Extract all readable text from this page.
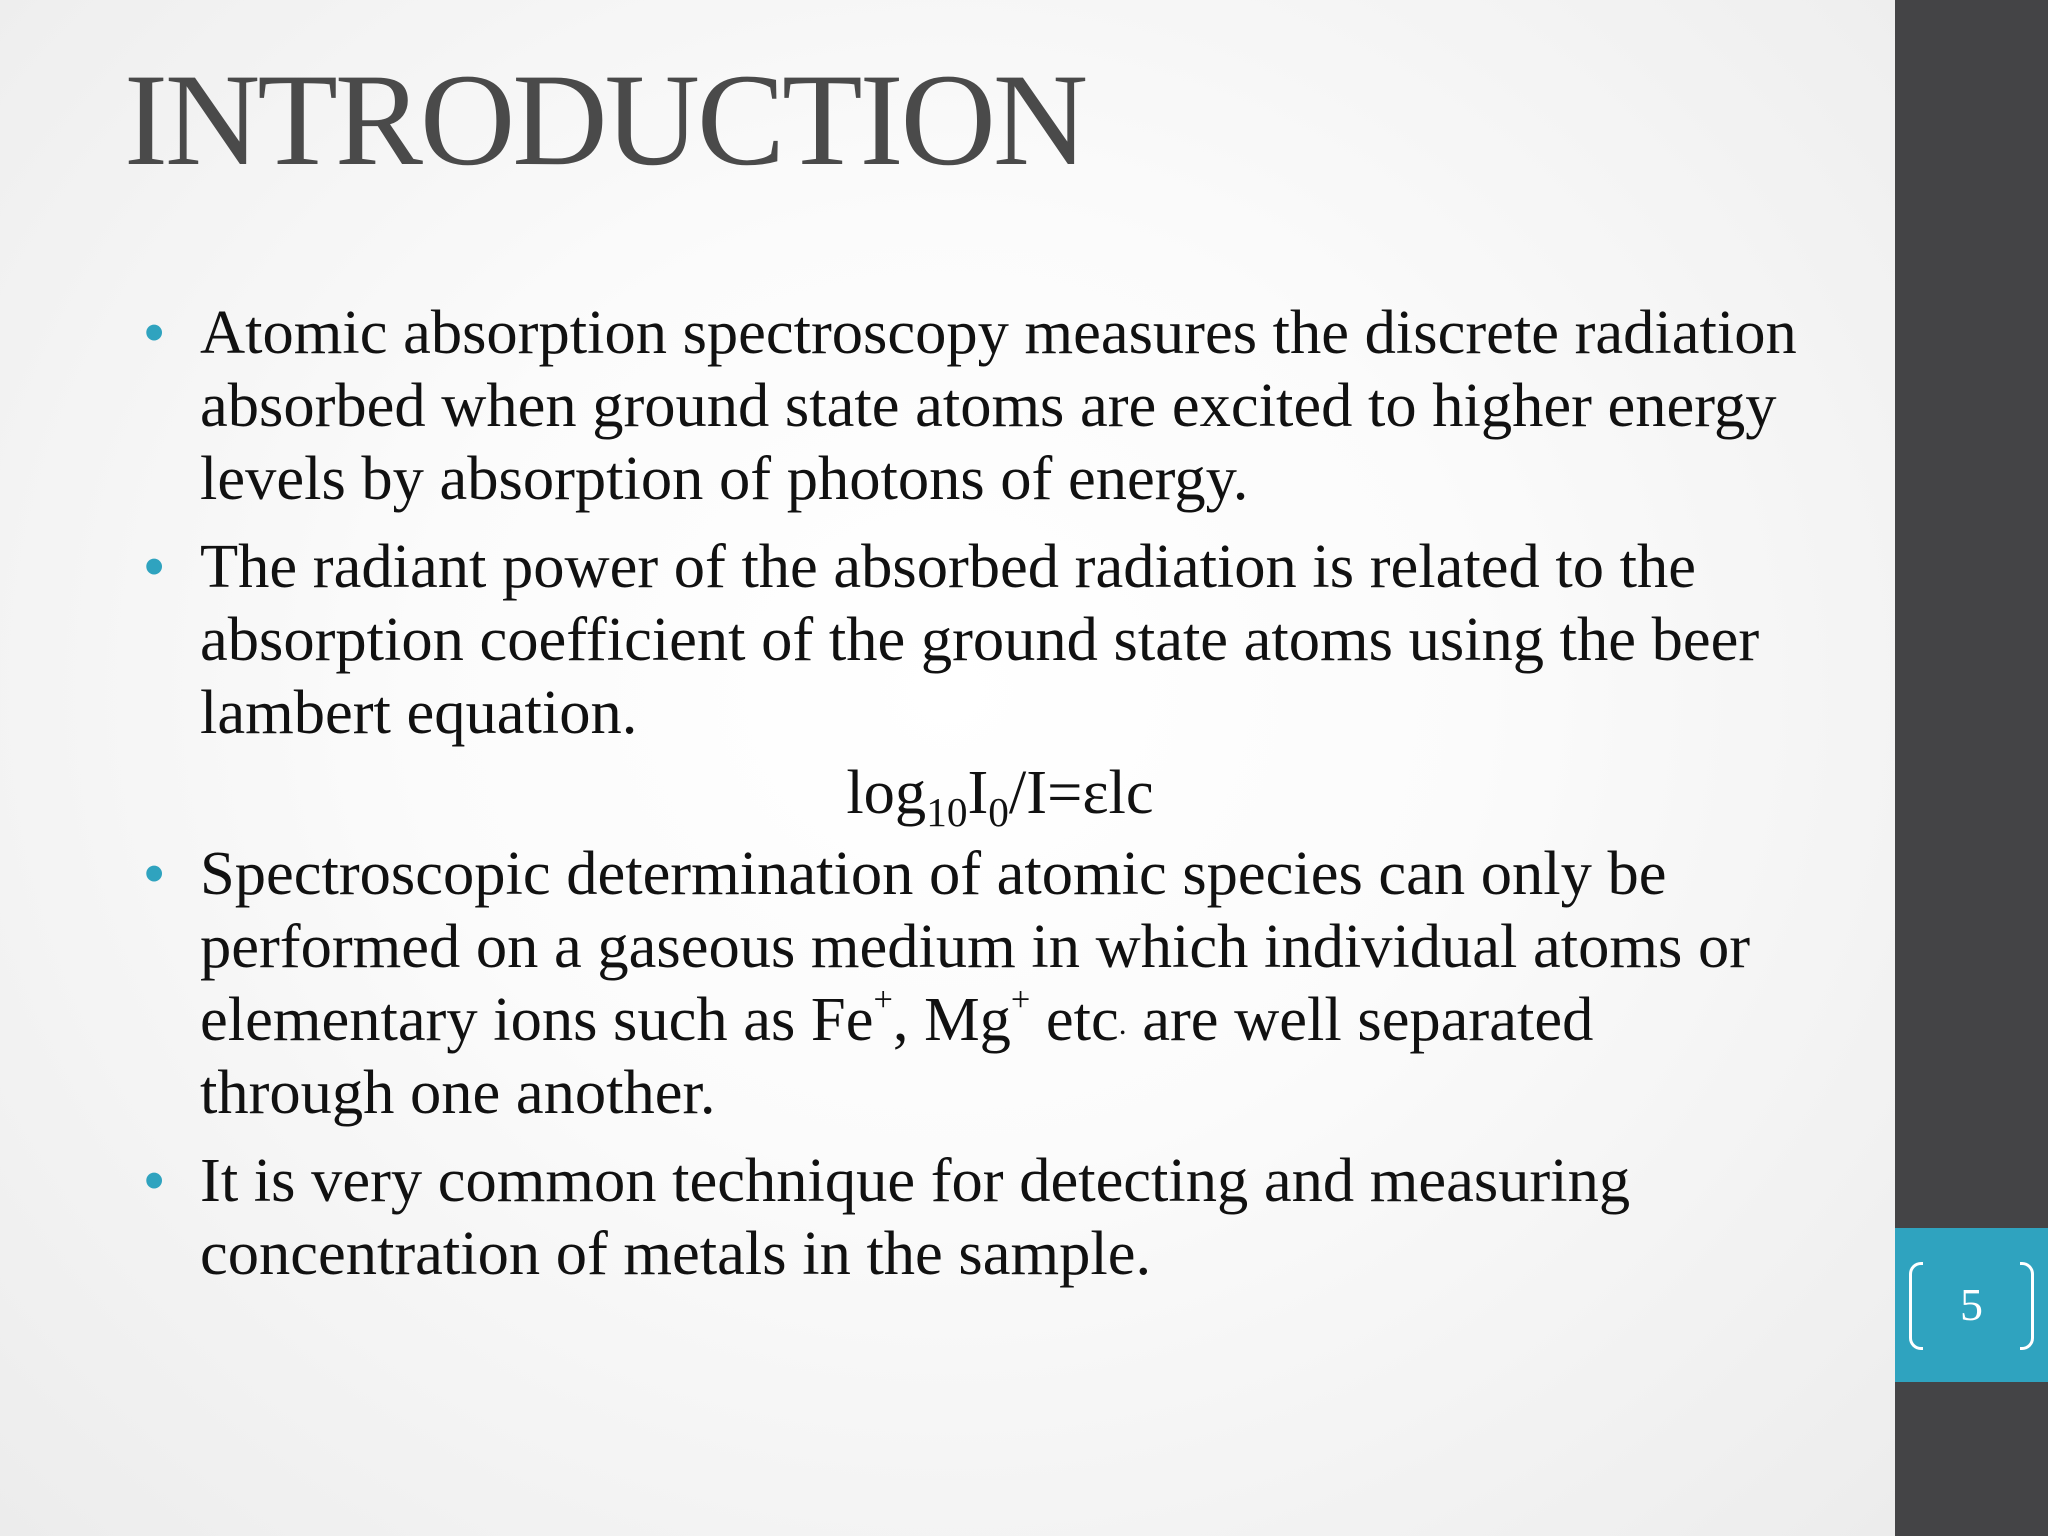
INTRODUCTION
• Atomic absorption spectroscopy measures the discrete radiation absorbed when ground state atoms are excited to higher energy levels by absorption of photons of energy.
• The radiant power of the absorbed radiation is related to the absorption coefficient of the ground state atoms using the beer lambert equation.
$\log_{10}I_0/I=\varepsilon lc$
• Spectroscopic determination of atomic species can only be performed on a gaseous medium in which individual atoms or elementary ions such as Fe+, Mg+ etc. are well separated through one another.
• It is very common technique for detecting and measuring concentration of metals in the sample.
5
